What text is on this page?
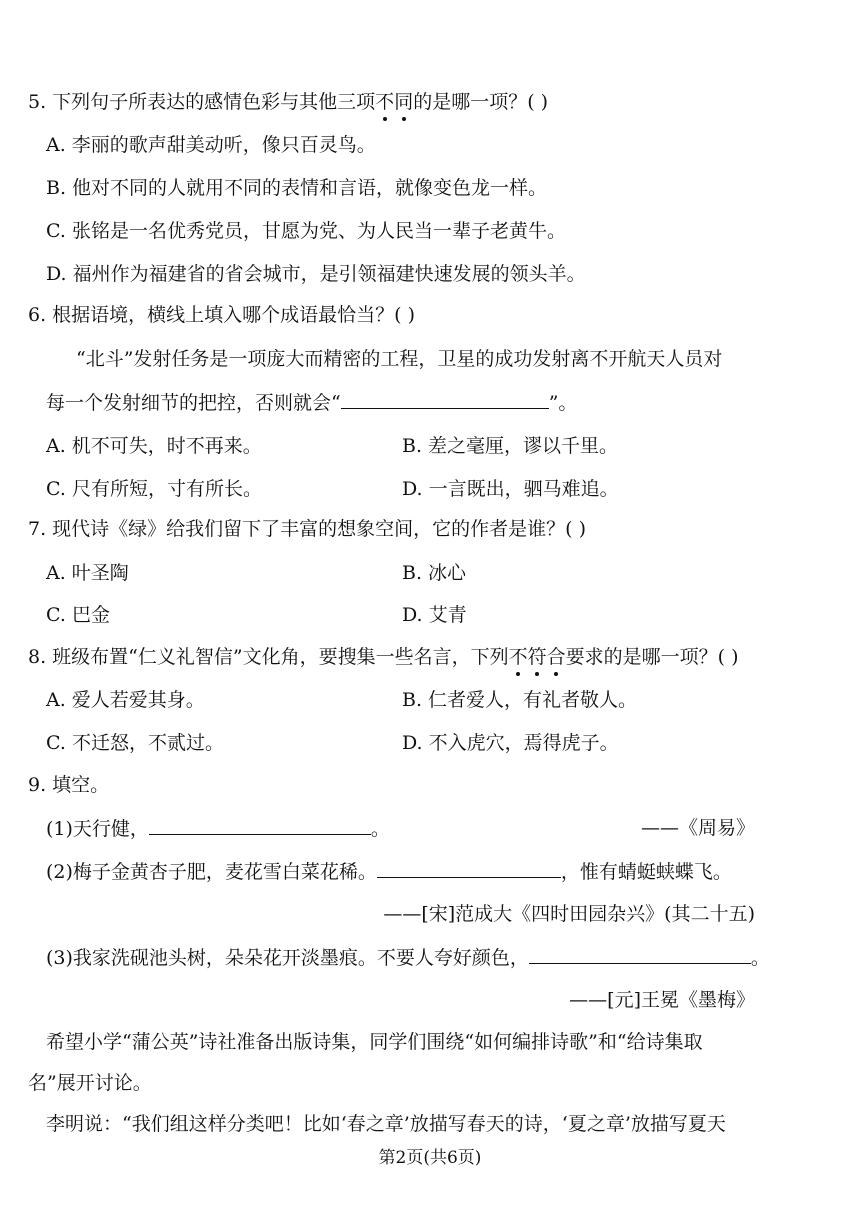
5. 下列句子所表达的感情色彩与其他三项不同的是哪一项？( )
A. 李丽的歌声甜美动听，像只百灵鸟。
B. 他对不同的人就用不同的表情和言语，就像变色龙一样。
C. 张铭是一名优秀党员，甘愿为党、为人民当一辈子老黄牛。
D. 福州作为福建省的省会城市，是引领福建快速发展的领头羊。
6. 根据语境，横线上填入哪个成语最恰当？( )
“北斗”发射任务是一项庞大而精密的工程，卫星的成功发射离不开航天人员对
每一个发射细节的把控，否则就会“	”。
A. 机不可失，时不再来。	B. 差之毫厘，谬以千里。
C. 尺有所短，寸有所长。	D. 一言既出，驷马难追。
7. 现代诗《绿》给我们留下了丰富的想象空间，它的作者是谁？( )
A. 叶圣陶	B. 冰心
C. 巴金	D. 艾青
8. 班级布置“仁义礼智信”文化角，要搜集一些名言，下列不符合要求的是哪一项？( )
A. 爱人若爱其身。	B. 仁者爱人，有礼者敬人。
C. 不迁怒，不贰过。	D. 不入虎穴，焉得虎子。
9. 填空。
(1)天行健，	。	——《周易》
(2)梅子金黄杏子肥，麦花雪白菜花稀。	，惟有蜻蜓蛱蝶飞。
——[宋]范成大《四时田园杂兴》(其二十五)
(3)我家洗砚池头树，朵朵花开淡墨痕。不要人夸好颜色，	。
——[元]王冕《墨梅》
希望小学“蒲公英”诗社准备出版诗集，同学们围绕“如何编排诗歌”和“给诗集取
名”展开讨论。
李明说：“我们组这样分类吧！比如‘春之章’放描写春天的诗，‘夏之章’放描写夏天
第2页(共6页)
